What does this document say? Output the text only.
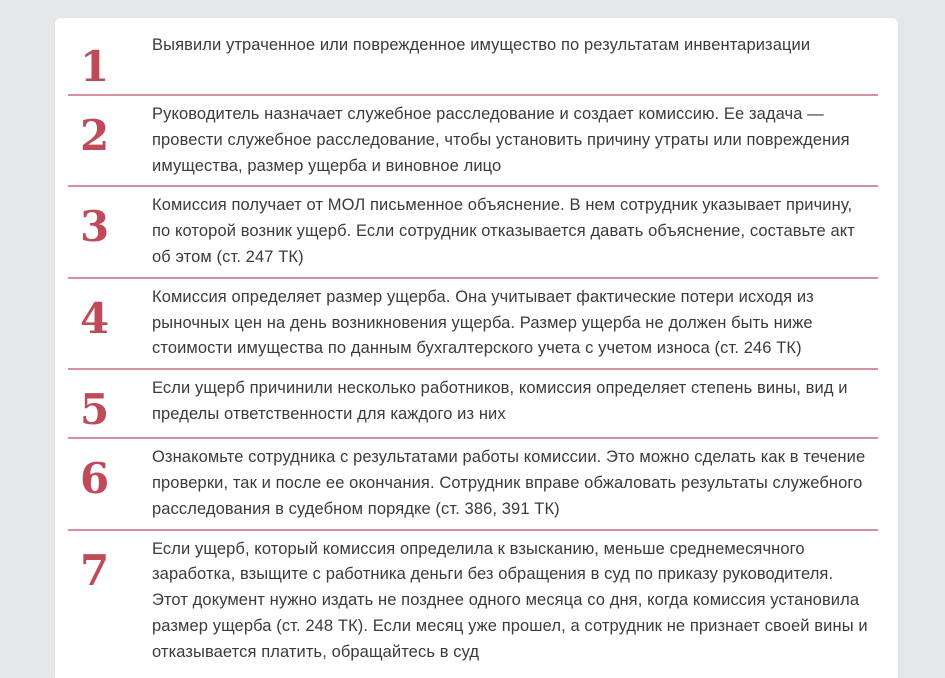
1	Выявили утраченное или поврежденное имущество по результатам инвентаризации
2	Руководитель назначает служебное расследование и создает комиссию. Ее задача — провести служебное расследование, чтобы установить причину утраты или повреждения имущества, размер ущерба и виновное лицо
3	Комиссия получает от МОЛ письменное объяснение. В нем сотрудник указывает причину, по которой возник ущерб. Если сотрудник отказывается давать объяснение, составьте акт об этом (ст. 247 ТК)
4	Комиссия определяет размер ущерба. Она учитывает фактические потери исходя из рыночных цен на день возникновения ущерба. Размер ущерба не должен быть ниже стоимости имущества по данным бухгалтерского учета с учетом износа (ст. 246 ТК)
5	Если ущерб причинили несколько работников, комиссия определяет степень вины, вид и пределы ответственности для каждого из них
6	Ознакомьте сотрудника с результатами работы комиссии. Это можно сделать как в течение проверки, так и после ее окончания. Сотрудник вправе обжаловать результаты служебного расследования в судебном порядке (ст. 386, 391 ТК)
7	Если ущерб, который комиссия определила к взысканию, меньше среднемесячного заработка, взыщите с работника деньги без обращения в суд по приказу руководителя. Этот документ нужно издать не позднее одного месяца со дня, когда комиссия установила размер ущерба (ст. 248 ТК). Если месяц уже прошел, а сотрудник не признает своей вины и отказывается платить, обращайтесь в суд
